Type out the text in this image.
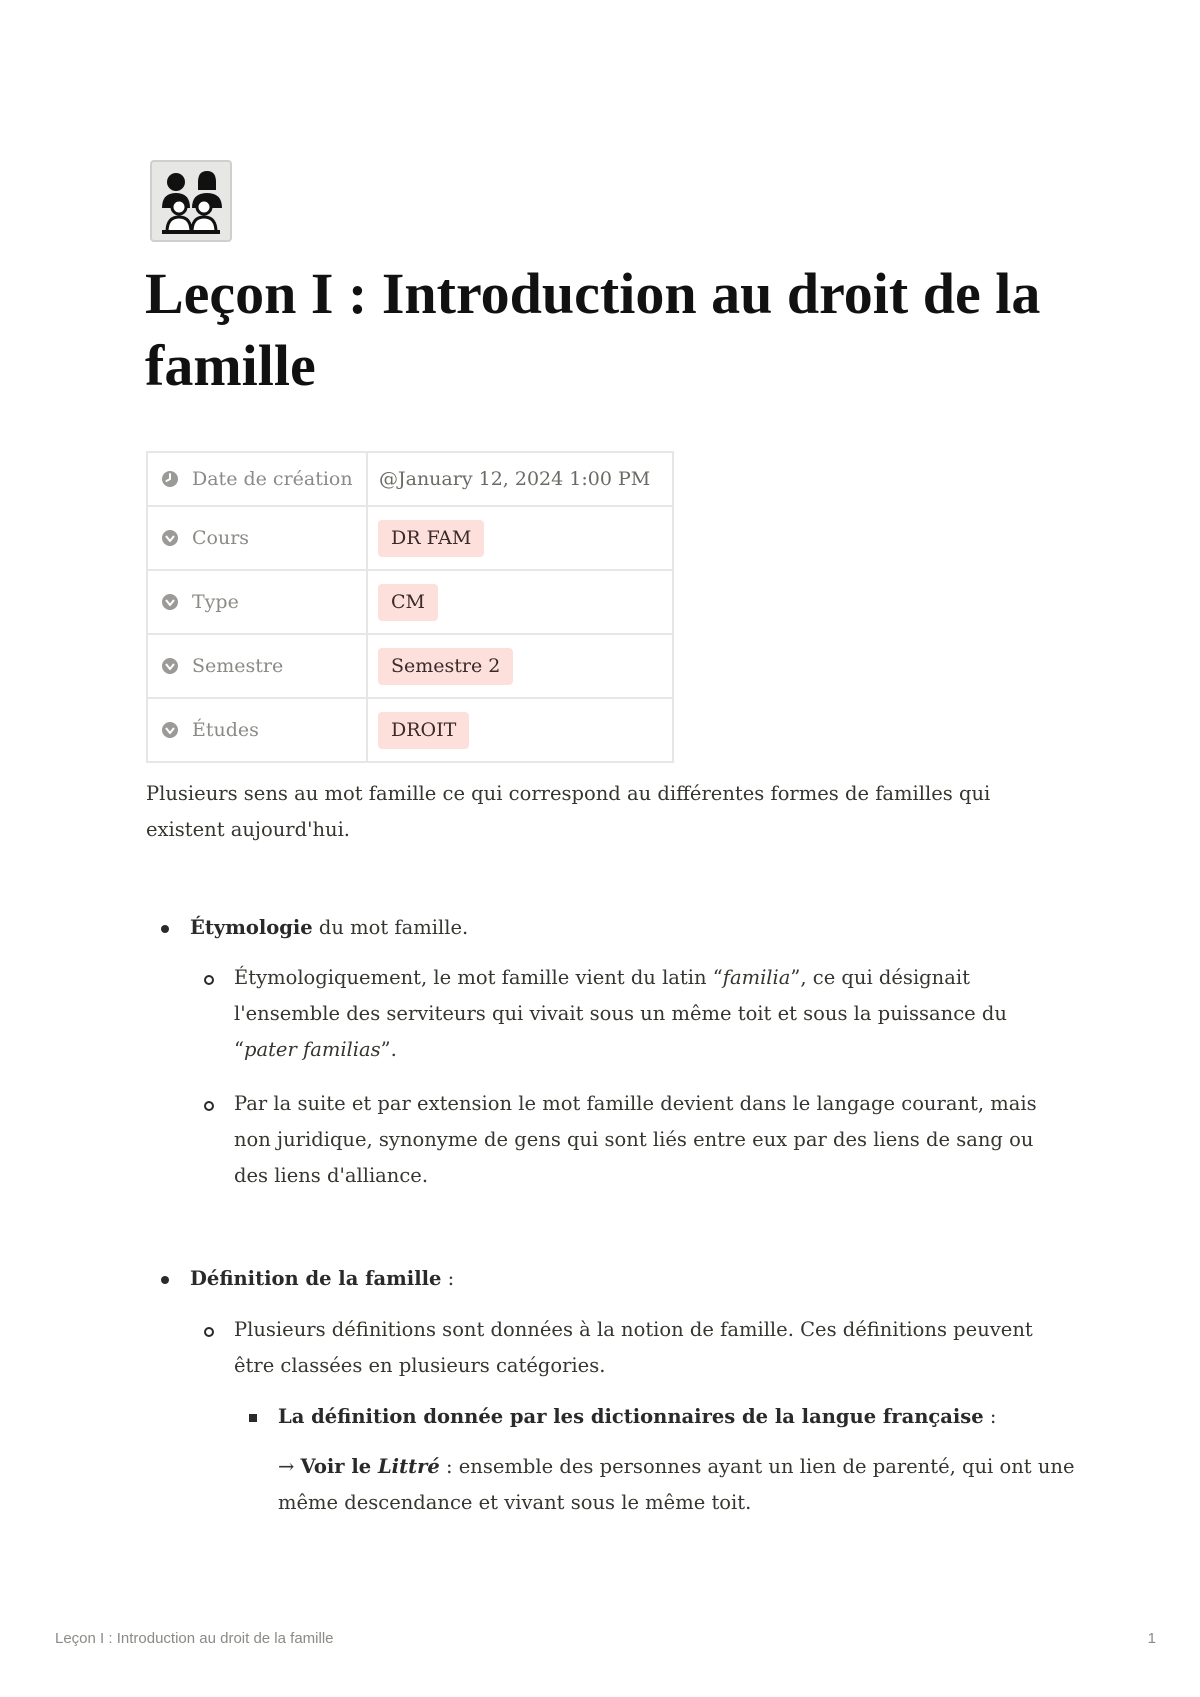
Leçon I : Introduction au droit de la famille
Date de création	@January 12, 2024 1:00 PM

Cours	DR FAM

Type	CM

Semestre	Semestre 2

Études	DROIT

Plusieurs sens au mot famille ce qui correspond au différentes formes de familles qui existent aujourd'hui.

Étymologie du mot famille.

Étymologiquement, le mot famille vient du latin “familia”, ce qui désignait l'ensemble des serviteurs qui vivait sous un même toit et sous la puissance du “pater familias”.

Par la suite et par extension le mot famille devient dans le langage courant, mais non juridique, synonyme de gens qui sont liés entre eux par des liens de sang ou des liens d'alliance.

Définition de la famille :

Plusieurs définitions sont données à la notion de famille. Ces définitions peuvent être classées en plusieurs catégories.

La définition donnée par les dictionnaires de la langue française :

→ Voir le Littré : ensemble des personnes ayant un lien de parenté, qui ont une même descendance et vivant sous le même toit.

Leçon I : Introduction au droit de la famille	1
